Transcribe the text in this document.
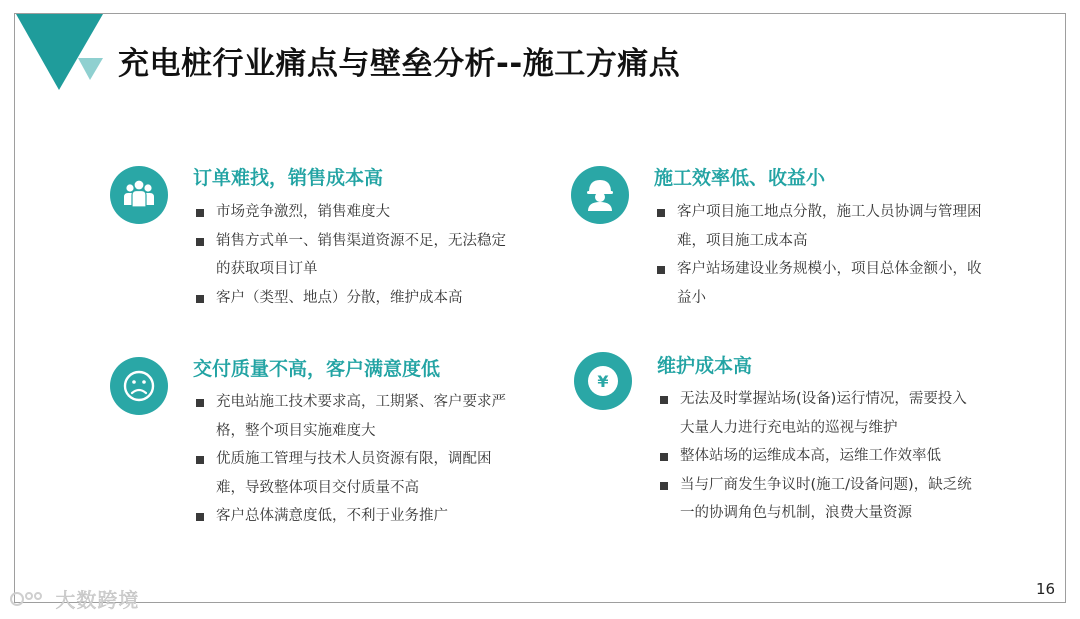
充电桩行业痛点与壁垒分析--施工方痛点
订单难找，销售成本高
市场竞争激烈，销售难度大
销售方式单一、销售渠道资源不足，无法稳定的获取项目订单
客户（类型、地点）分散，维护成本高
施工效率低、收益小
客户项目施工地点分散，施工人员协调与管理困难，项目施工成本高
客户站场建设业务规模小，项目总体金额小，收益小
交付质量不高，客户满意度低
充电站施工技术要求高，工期紧、客户要求严格，整个项目实施难度大
优质施工管理与技术人员资源有限，调配困难，导致整体项目交付质量不高
客户总体满意度低，不利于业务推广
¥
维护成本高
无法及时掌握站场(设备)运行情况，需要投入大量人力进行充电站的巡视与维护
整体站场的运维成本高，运维工作效率低
当与厂商发生争议时(施工/设备问题)，缺乏统一的协调角色与机制，浪费大量资源
16
大数跨境
